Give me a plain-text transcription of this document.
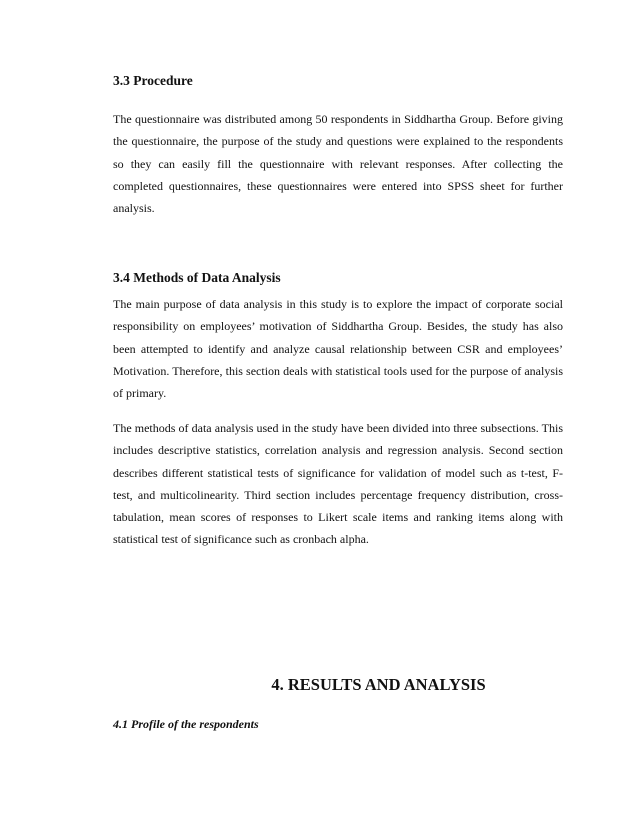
3.3 Procedure

The questionnaire was distributed among 50 respondents in Siddhartha Group. Before giving the questionnaire, the purpose of the study and questions were explained to the respondents so they can easily fill the questionnaire with relevant responses. After collecting the completed questionnaires, these questionnaires were entered into SPSS sheet for further analysis.

3.4 Methods of Data Analysis

The main purpose of data analysis in this study is to explore the impact of corporate social responsibility on employees’ motivation of Siddhartha Group. Besides, the study has also been attempted to identify and analyze causal relationship between CSR and employees’ Motivation. Therefore, this section deals with statistical tools used for the purpose of analysis of primary.

The methods of data analysis used in the study have been divided into three subsections. This includes descriptive statistics, correlation analysis and regression analysis. Second section describes different statistical tests of significance for validation of model such as t-test, F-test, and multicolinearity. Third section includes percentage frequency distribution, cross-tabulation, mean scores of responses to Likert scale items and ranking items along with statistical test of significance such as cronbach alpha.

4. RESULTS AND ANALYSIS
4.1 Profile of the respondents
